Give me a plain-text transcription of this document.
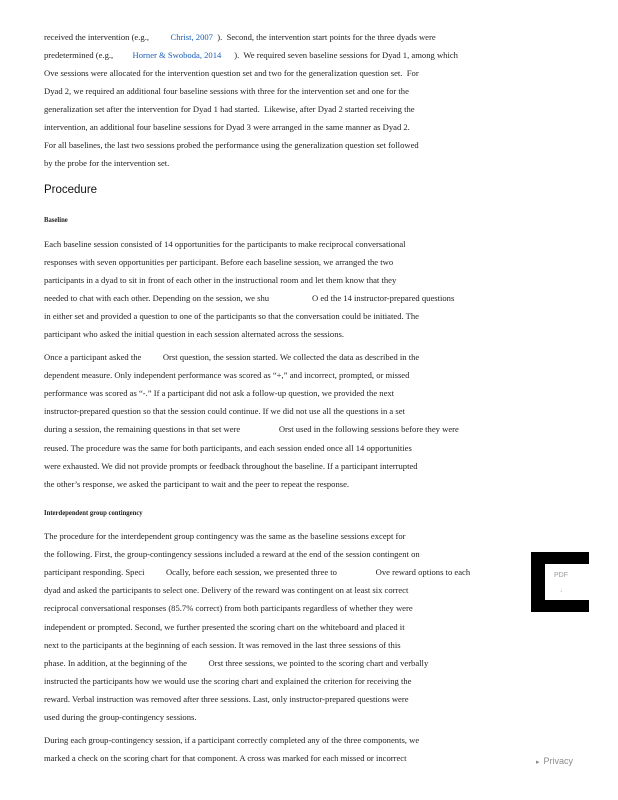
received the intervention (e.g.,          Christ, 2007  ).  Second, the intervention start points for the three dyads were
predetermined (e.g.,         Horner & Swoboda, 2014      ).  We required seven baseline sessions for Dyad 1, among which
Ove sessions were allocated for the intervention question set and two for the generalization question set.  For
Dyad 2, we required an additional four baseline sessions with three for the intervention set and one for the
generalization set after the intervention for Dyad 1 had started.  Likewise, after Dyad 2 started receiving the
intervention, an additional four baseline sessions for Dyad 3 were arranged in the same manner as Dyad 2.
For all baselines, the last two sessions probed the performance using the generalization question set followed
by the probe for the intervention set.
Procedure
Baseline
Each baseline session consisted of 14 opportunities for the participants to make reciprocal conversational
responses with seven opportunities per participant. Before each baseline session, we arranged the two
participants in a dyad to sit in front of each other in the instructional room and let them know that they
needed to chat with each other. Depending on the session, we shu                    O ed the 14 instructor-prepared questions
in either set and provided a question to one of the participants so that the conversation could be initiated. The
participant who asked the initial question in each session alternated across the sessions.
Once a participant asked the          Orst question, the session started. We collected the data as described in the
dependent measure. Only independent performance was scored as “+,” and incorrect, prompted, or missed
performance was scored as “-.” If a participant did not ask a follow-up question, we provided the next
instructor-prepared question so that the session could continue. If we did not use all the questions in a set
during a session, the remaining questions in that set were                  Orst used in the following sessions before they were
reused. The procedure was the same for both participants, and each session ended once all 14 opportunities
were exhausted. We did not provide prompts or feedback throughout the baseline. If a participant interrupted
the other’s response, we asked the participant to wait and the peer to repeat the response.
Interdependent group contingency
The procedure for the interdependent group contingency was the same as the baseline sessions except for
the following. First, the group-contingency sessions included a reward at the end of the session contingent on
participant responding. Speci          Ocally, before each session, we presented three to                  Ove reward options to each
dyad and asked the participants to select one. Delivery of the reward was contingent on at least six correct
reciprocal conversational responses (85.7% correct) from both participants regardless of whether they were
independent or prompted. Second, we further presented the scoring chart on the whiteboard and placed it
next to the participants at the beginning of each session. It was removed in the last three sessions of this
phase. In addition, at the beginning of the          Orst three sessions, we pointed to the scoring chart and verbally
instructed the participants how we would use the scoring chart and explained the criterion for receiving the
reward. Verbal instruction was removed after three sessions. Last, only instructor-prepared questions were
used during the group-contingency sessions.
During each group-contingency session, if a participant correctly completed any of the three components, we
marked a check on the scoring chart for that component. A cross was marked for each missed or incorrect
PDF
↓
▸ Privacy
